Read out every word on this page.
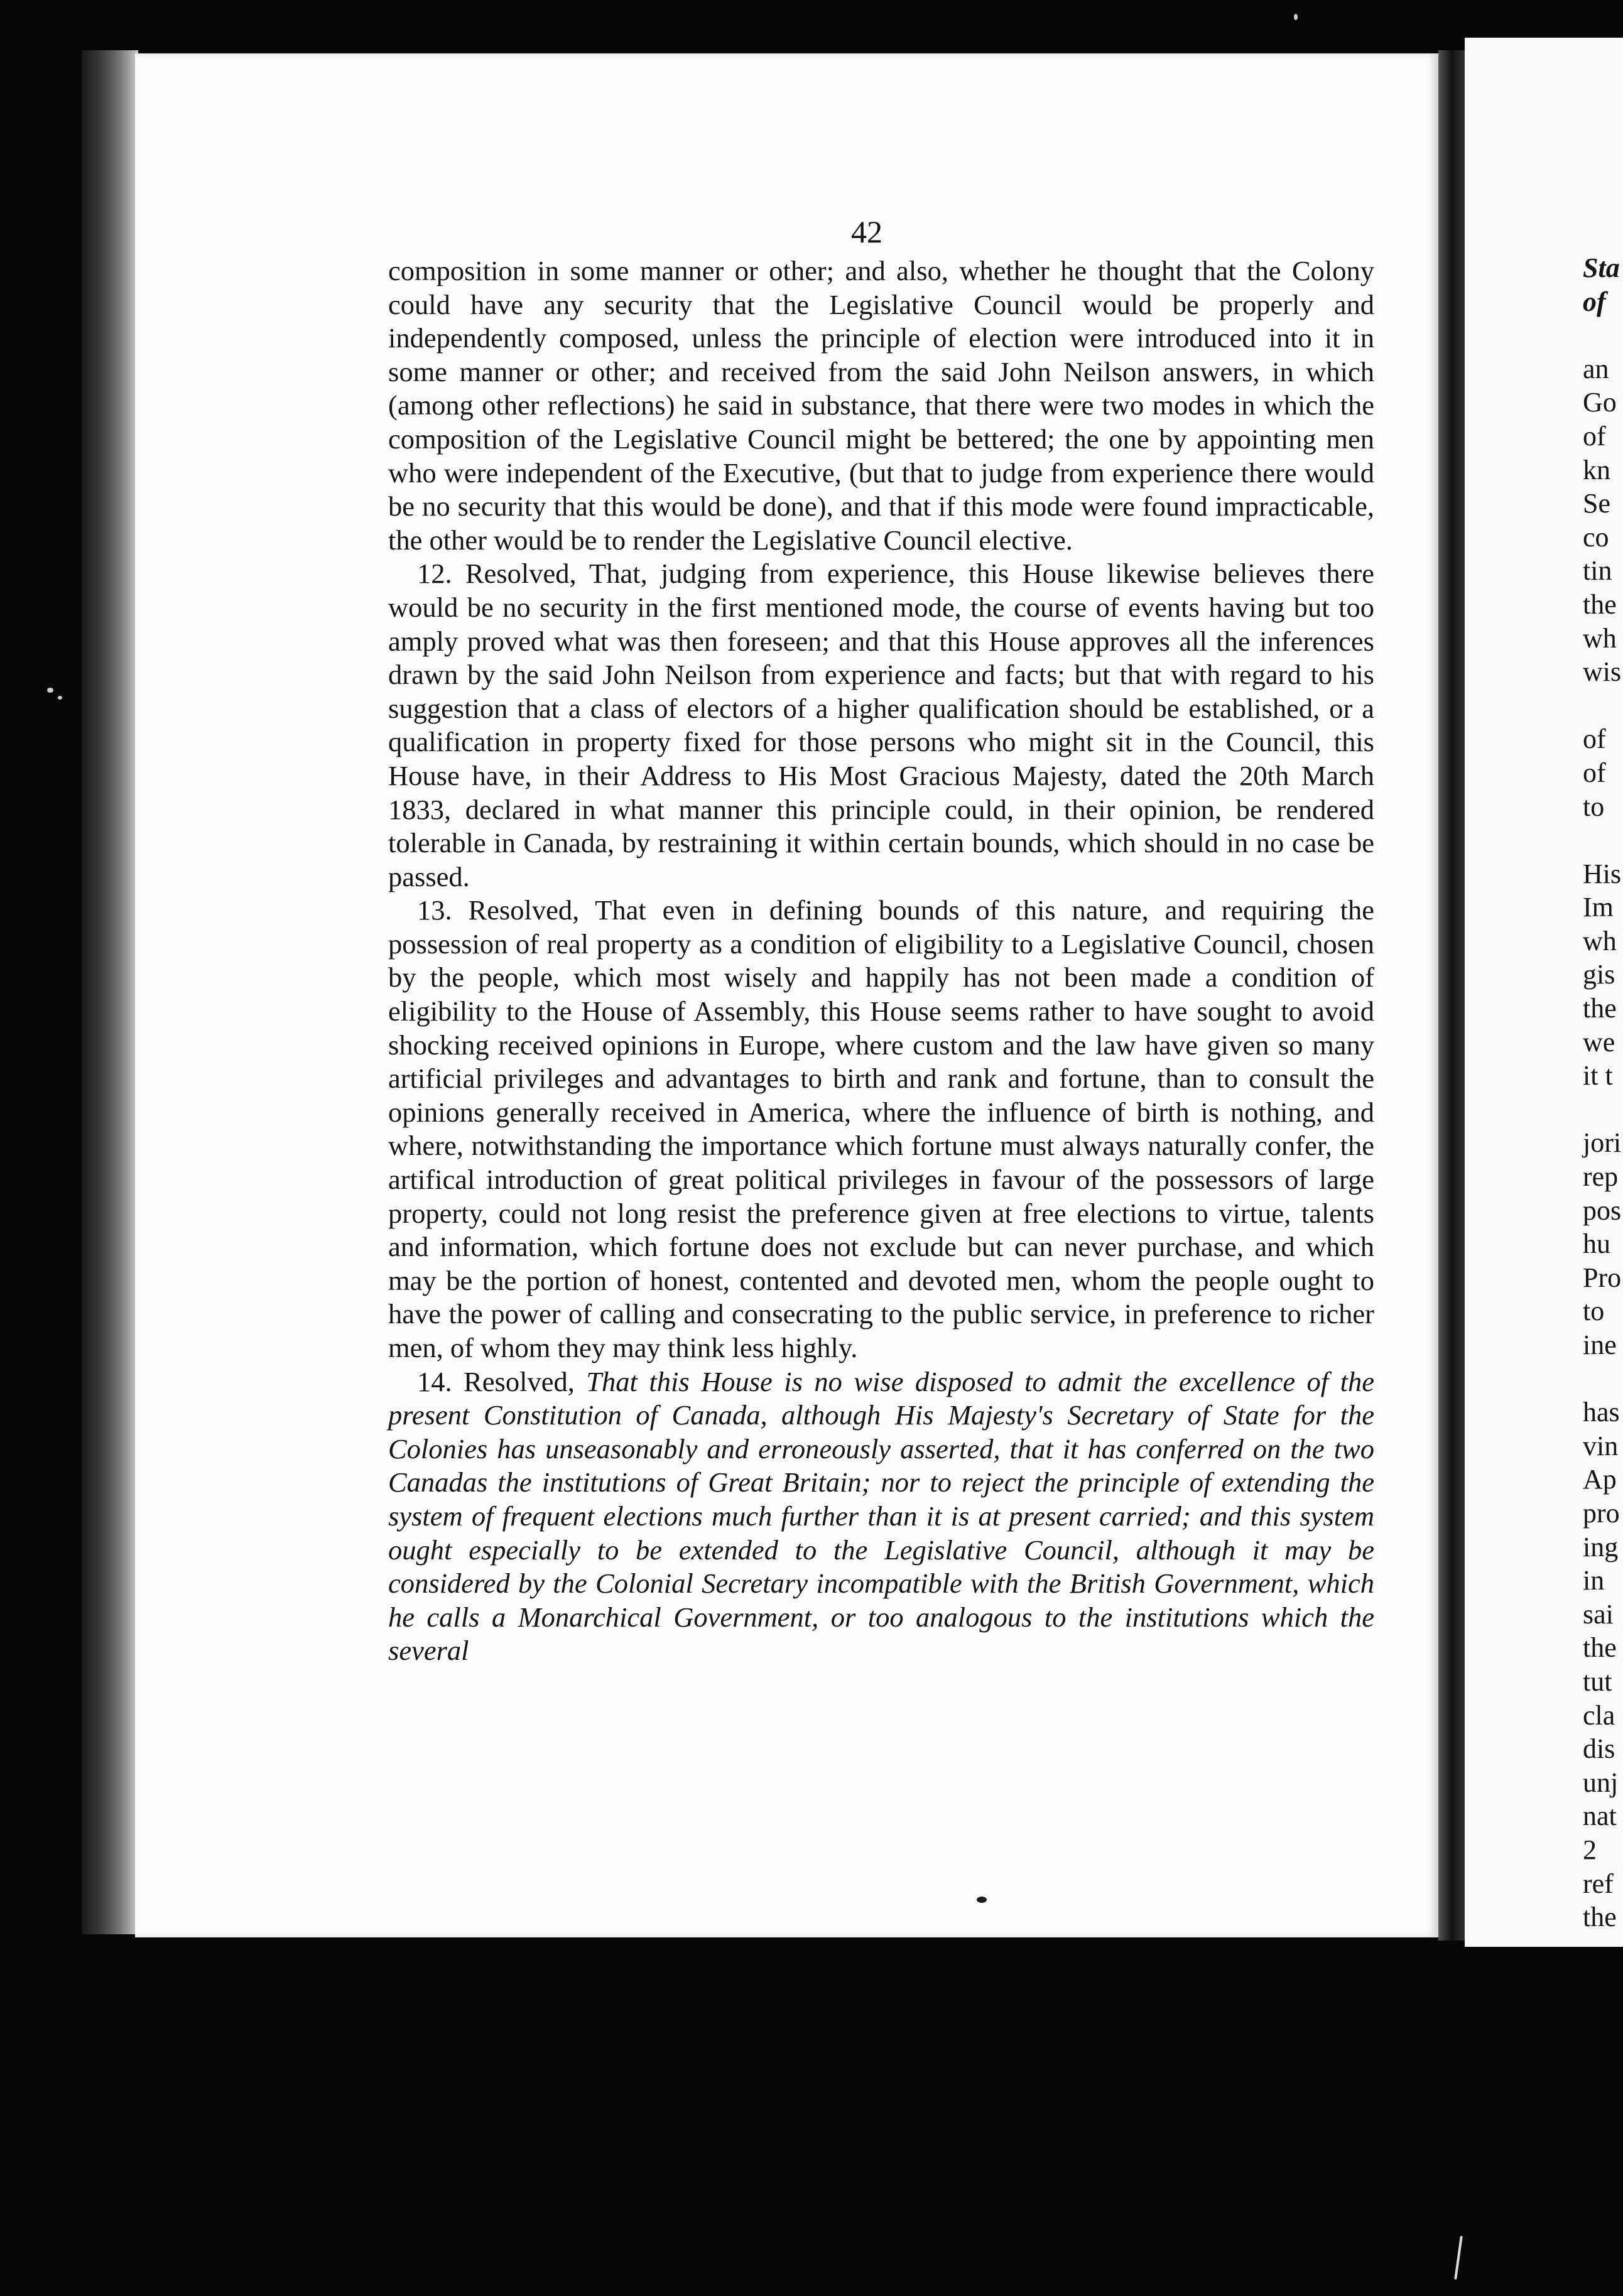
42

composition in some manner or other; and also, whether he thought that the Colony could have any security that the Legislative Council would be properly and independently composed, unless the principle of election were introduced into it in some manner or other; and received from the said John Neilson answers, in which (among other reflections) he said in substance, that there were two modes in which the composition of the Legislative Council might be bettered; the one by appointing men who were independent of the Executive, (but that to judge from experience there would be no security that this would be done), and that if this mode were found impracticable, the other would be to render the Legislative Council elective.

12. Resolved, That, judging from experience, this House likewise believes there would be no security in the first mentioned mode, the course of events having but too amply proved what was then foreseen; and that this House approves all the inferences drawn by the said John Neilson from experience and facts; but that with regard to his suggestion that a class of electors of a higher qualification should be established, or a qualification in property fixed for those persons who might sit in the Council, this House have, in their Address to His Most Gracious Majesty, dated the 20th March 1833, declared in what manner this principle could, in their opinion, be rendered tolerable in Canada, by restraining it within certain bounds, which should in no case be passed.

13. Resolved, That even in defining bounds of this nature, and requiring the possession of real property as a condition of eligibility to a Legislative Council, chosen by the people, which most wisely and happily has not been made a condition of eligibility to the House of Assembly, this House seems rather to have sought to avoid shocking received opinions in Europe, where custom and the law have given so many artificial privileges and advantages to birth and rank and fortune, than to consult the opinions generally received in America, where the influence of birth is nothing, and where, notwithstanding the importance which fortune must always naturally confer, the artifical introduction of great political privileges in favour of the possessors of large property, could not long resist the preference given at free elections to virtue, talents and information, which fortune does not exclude but can never purchase, and which may be the portion of honest, contented and devoted men, whom the people ought to have the power of calling and consecrating to the public service, in preference to richer men, of whom they may think less highly.

14. Resolved, That this House is no wise disposed to admit the excellence of the present Constitution of Canada, although His Majesty's Secretary of State for the Colonies has unseasonably and erroneously asserted, that it has conferred on the two Canadas the institutions of Great Britain; nor to reject the principle of extending the system of frequent elections much further than it is at present carried; and this system ought especially to be extended to the Legislative Council, although it may be considered by the Colonial Secretary incompatible with the British Government, which he calls a Monarchical Government, or too analogous to the institutions which the several

Sta
of
an
Go
of
kn
Se
co
tin
the
wh
wis
of
of
to
His
Im
wh
gis
the
we
it t
jori
rep
pos
hu
Pro
to
ine
has
vin
Ap
pro
ing
in
sai
the
tut
cla
dis
unj
nat
2
ref
the
